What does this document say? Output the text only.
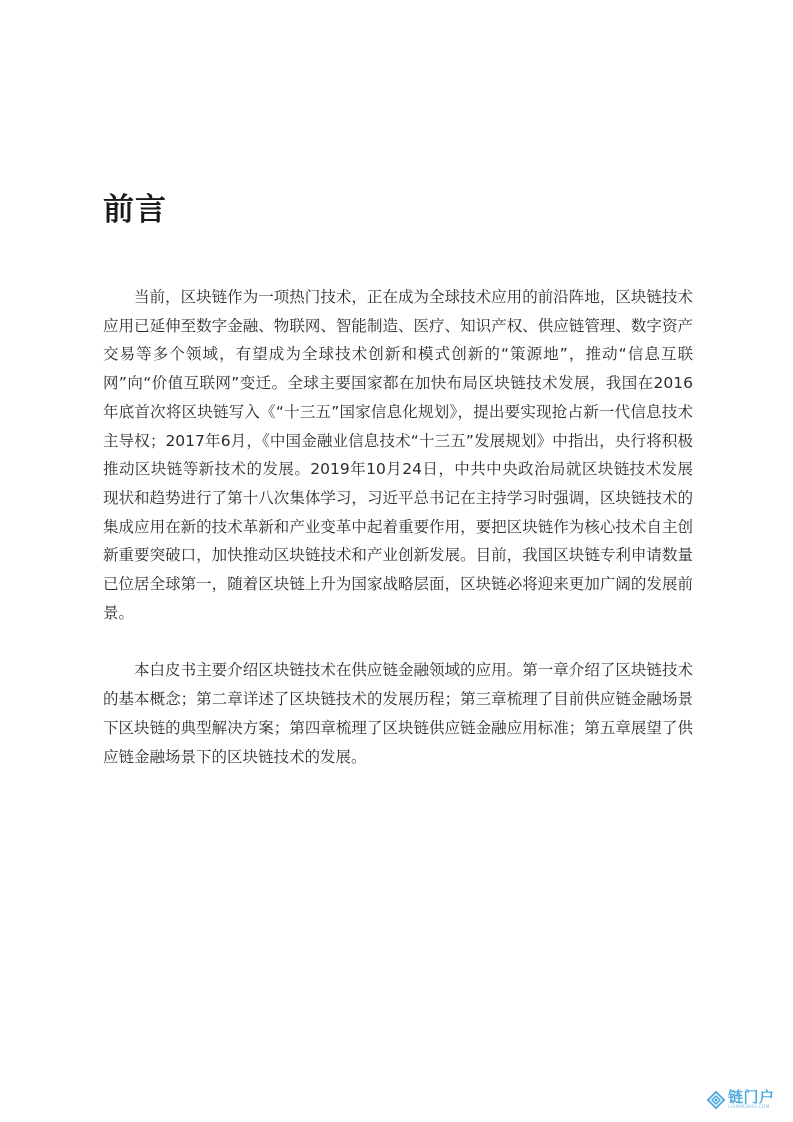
前言

当前，区块链作为一项热门技术，正在成为全球技术应用的前沿阵地，区块链技术应用已延伸至数字金融、物联网、智能制造、医疗、知识产权、供应链管理、数字资产交易等多个领域，有望成为全球技术创新和模式创新的“策源地”，推动“信息互联网”向“价值互联网”变迁。全球主要国家都在加快布局区块链技术发展，我国在2016年底首次将区块链写入《“十三五”国家信息化规划》，提出要实现抢占新一代信息技术主导权；2017年6月，《中国金融业信息技术“十三五”发展规划》中指出，央行将积极推动区块链等新技术的发展。2019年10月24日，中共中央政治局就区块链技术发展现状和趋势进行了第十八次集体学习，习近平总书记在主持学习时强调，区块链技术的集成应用在新的技术革新和产业变革中起着重要作用，要把区块链作为核心技术自主创新重要突破口，加快推动区块链技术和产业创新发展。目前，我国区块链专利申请数量已位居全球第一，随着区块链上升为国家战略层面，区块链必将迎来更加广阔的发展前景。

本白皮书主要介绍区块链技术在供应链金融领域的应用。第一章介绍了区块链技术的基本概念；第二章详述了区块链技术的发展历程；第三章梳理了目前供应链金融场景下区块链的典型解决方案；第四章梳理了区块链供应链金融应用标准；第五章展望了供应链金融场景下的区块链技术的发展。

链门户
LIANMENHU.COM
